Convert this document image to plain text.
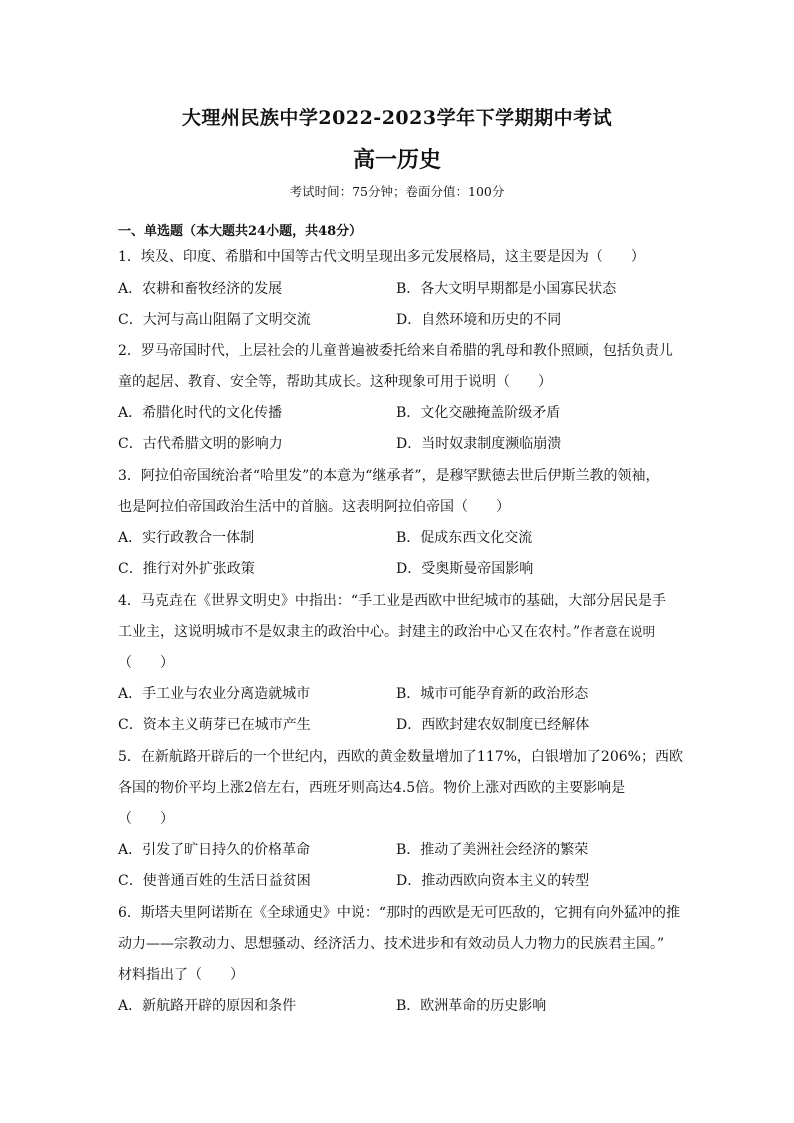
大理州民族中学2022-2023学年下学期期中考试
高一历史
考试时间：75分钟；卷面分值：100分
一、单选题（本大题共24小题，共48分）
1．埃及、印度、希腊和中国等古代文明呈现出多元发展格局，这主要是因为（　　）
A．农耕和畜牧经济的发展	B．各大文明早期都是小国寡民状态
C．大河与高山阻隔了文明交流	D．自然环境和历史的不同
2．罗马帝国时代，上层社会的儿童普遍被委托给来自希腊的乳母和教仆照顾，包括负责儿
童的起居、教育、安全等，帮助其成长。这种现象可用于说明（　　）
A．希腊化时代的文化传播	B．文化交融掩盖阶级矛盾
C．古代希腊文明的影响力	D．当时奴隶制度濒临崩溃
3．阿拉伯帝国统治者“哈里发”的本意为“继承者”，是穆罕默德去世后伊斯兰教的领袖，
也是阿拉伯帝国政治生活中的首脑。这表明阿拉伯帝国（　　）
A．实行政教合一体制	B．促成东西文化交流
C．推行对外扩张政策	D．受奥斯曼帝国影响
4．马克垚在《世界文明史》中指出：“手工业是西欧中世纪城市的基础，大部分居民是手
工业主，这说明城市不是奴隶主的政治中心。封建主的政治中心又在农村。”作者意在说明
（　　）
A．手工业与农业分离造就城市	B．城市可能孕育新的政治形态
C．资本主义萌芽已在城市产生	D．西欧封建农奴制度已经解体
5．在新航路开辟后的一个世纪内，西欧的黄金数量增加了117%，白银增加了206%；西欧
各国的物价平均上涨2倍左右，西班牙则高达4.5倍。物价上涨对西欧的主要影响是
（　　）
A．引发了旷日持久的价格革命	B．推动了美洲社会经济的繁荣
C．使普通百姓的生活日益贫困	D．推动西欧向资本主义的转型
6．斯塔夫里阿诺斯在《全球通史》中说：“那时的西欧是无可匹敌的，它拥有向外猛冲的推
动力——宗教动力、思想骚动、经济活力、技术进步和有效动员人力物力的民族君主国。”
材料指出了（　　）
A．新航路开辟的原因和条件	B．欧洲革命的历史影响
